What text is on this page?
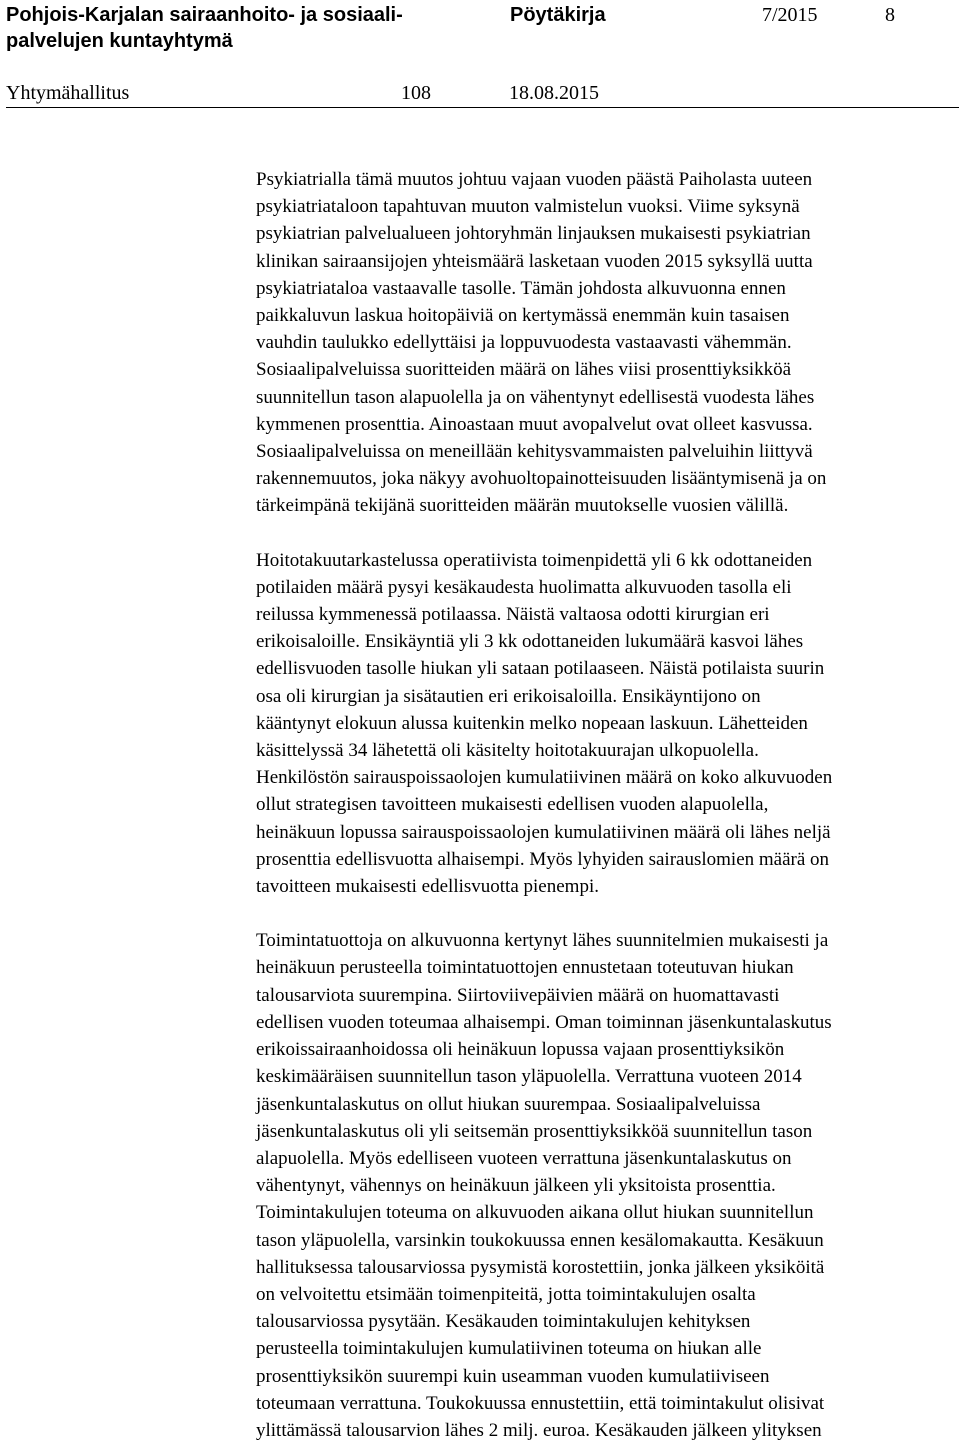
Pohjois-Karjalan sairaanhoito- ja sosiaali-
palvelujen kuntayhtymä
Pöytäkirja	7/2015	8
Yhtymähallitus	108	18.08.2015

Psykiatrialla tämä muutos johtuu vajaan vuoden päästä Paiholasta uuteen
psykiatriataloon tapahtuvan muuton valmistelun vuoksi. Viime syksynä
psykiatrian palvelualueen johtoryhmän linjauksen mukaisesti psykiatrian
klinikan sairaansijojen yhteismäärä lasketaan vuoden 2015 syksyllä uutta
psykiatriataloa vastaavalle tasolle. Tämän johdosta alkuvuonna ennen
paikkaluvun laskua hoitopäiviä on kertymässä enemmän kuin tasaisen
vauhdin taulukko edellyttäisi ja loppuvuodesta vastaavasti vähemmän.
Sosiaalipalveluissa suoritteiden määrä on lähes viisi prosenttiyksikköä
suunnitellun tason alapuolella ja on vähentynyt edellisestä vuodesta lähes
kymmenen prosenttia. Ainoastaan muut avopalvelut ovat olleet kasvussa.
Sosiaalipalveluissa on meneillään kehitysvammaisten palveluihin liittyvä
rakennemuutos, joka näkyy avohuoltopainotteisuuden lisääntymisenä ja on
tärkeimpänä tekijänä suoritteiden määrän muutokselle vuosien välillä.

Hoitotakuutarkastelussa operatiivista toimenpidettä yli 6 kk odottaneiden
potilaiden määrä pysyi kesäkaudesta huolimatta alkuvuoden tasolla eli
reilussa kymmenessä potilaassa. Näistä valtaosa odotti kirurgian eri
erikoisaloille. Ensikäyntiä yli 3 kk odottaneiden lukumäärä kasvoi lähes
edellisvuoden tasolle hiukan yli sataan potilaaseen. Näistä potilaista suurin
osa oli kirurgian ja sisätautien eri erikoisaloilla. Ensikäyntijono on
kääntynyt elokuun alussa kuitenkin melko nopeaan laskuun. Lähetteiden
käsittelyssä 34 lähetettä oli käsitelty hoitotakuurajan ulkopuolella.
Henkilöstön sairauspoissaolojen kumulatiivinen määrä on koko alkuvuoden
ollut strategisen tavoitteen mukaisesti edellisen vuoden alapuolella,
heinäkuun lopussa sairauspoissaolojen kumulatiivinen määrä oli lähes neljä
prosenttia edellisvuotta alhaisempi. Myös lyhyiden sairauslomien määrä on
tavoitteen mukaisesti edellisvuotta pienempi.

Toimintatuottoja on alkuvuonna kertynyt lähes suunnitelmien mukaisesti ja
heinäkuun perusteella toimintatuottojen ennustetaan toteutuvan hiukan
talousarviota suurempina. Siirtoviivepäivien määrä on huomattavasti
edellisen vuoden toteumaa alhaisempi. Oman toiminnan jäsenkuntalaskutus
erikoissairaanhoidossa oli heinäkuun lopussa vajaan prosenttiyksikön
keskimääräisen suunnitellun tason yläpuolella. Verrattuna vuoteen 2014
jäsenkuntalaskutus on ollut hiukan suurempaa. Sosiaalipalveluissa
jäsenkuntalaskutus oli yli seitsemän prosenttiyksikköä suunnitellun tason
alapuolella. Myös edelliseen vuoteen verrattuna jäsenkuntalaskutus on
vähentynyt, vähennys on heinäkuun jälkeen yli yksitoista prosenttia.
Toimintakulujen toteuma on alkuvuoden aikana ollut hiukan suunnitellun
tason yläpuolella, varsinkin toukokuussa ennen kesälomakautta. Kesäkuun
hallituksessa talousarviossa pysymistä korostettiin, jonka jälkeen yksiköitä
on velvoitettu etsimään toimenpiteitä, jotta toimintakulujen osalta
talousarviossa pysytään. Kesäkauden toimintakulujen kehityksen
perusteella toimintakulujen kumulatiivinen toteuma on hiukan alle
prosenttiyksikön suurempi kuin useamman vuoden kumulatiiviseen
toteumaan verrattuna. Toukokuussa ennustettiin, että toimintakulut olisivat
ylittämässä talousarvion lähes 2 milj. euroa. Kesäkauden jälkeen ylityksen
